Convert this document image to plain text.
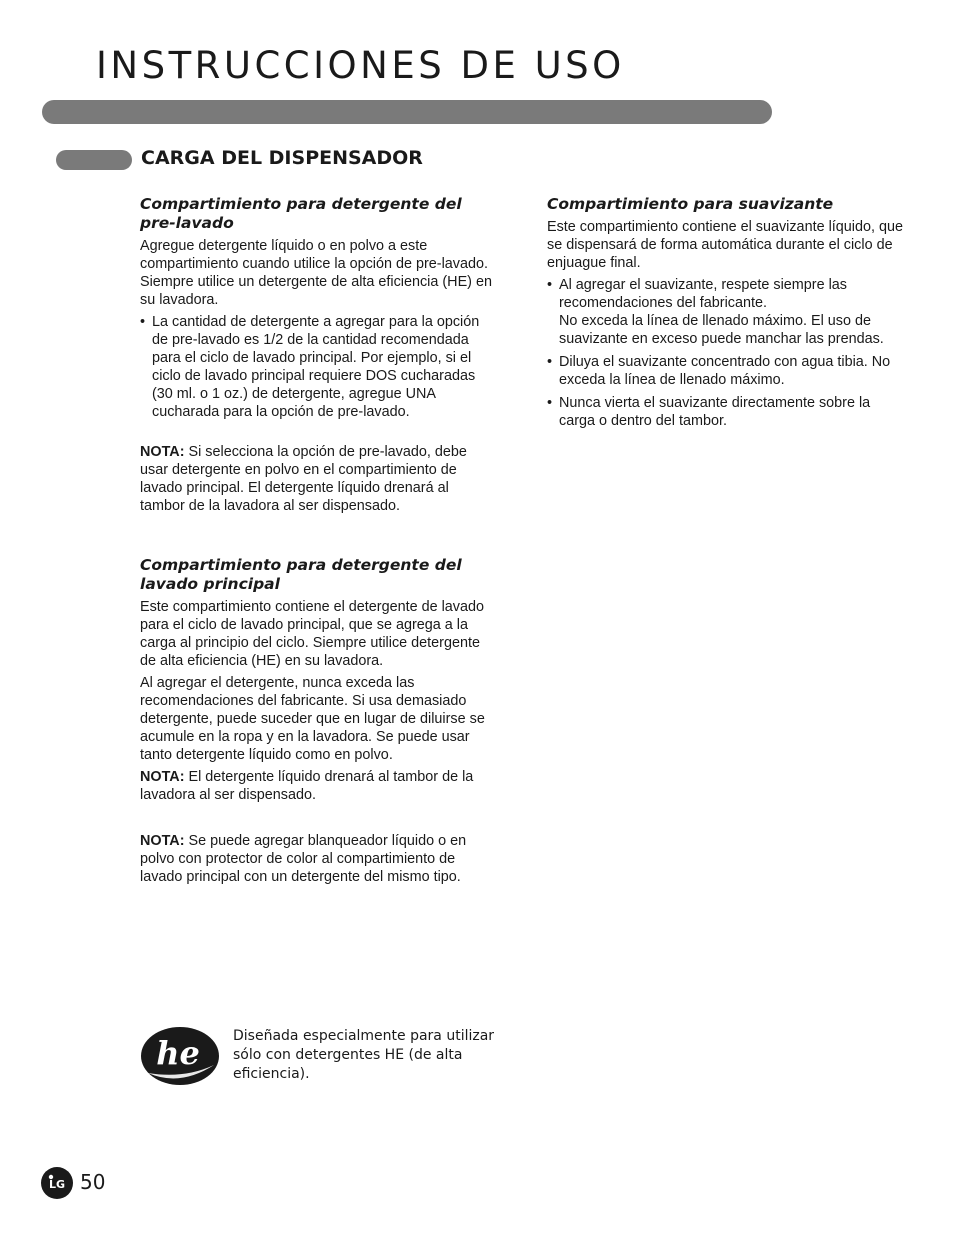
INSTRUCCIONES DE USO
CARGA DEL DISPENSADOR
Compartimiento para detergente del pre-lavado

Agregue detergente líquido o en polvo a este compartimiento cuando utilice la opción de pre-lavado. Siempre utilice un detergente de alta eficiencia (HE) en su lavadora.

• La cantidad de detergente a agregar para la opción de pre-lavado es 1/2 de la cantidad recomendada para el ciclo de lavado principal. Por ejemplo, si el ciclo de lavado principal requiere DOS cucharadas (30 ml. o 1 oz.) de detergente, agregue UNA cucharada para la opción de pre-lavado.

NOTA: Si selecciona la opción de pre-lavado, debe usar detergente en polvo en el compartimiento de lavado principal. El detergente líquido drenará al tambor de la lavadora al ser dispensado.

Compartimiento para detergente del lavado principal

Este compartimiento contiene el detergente de lavado para el ciclo de lavado principal, que se agrega a la carga al principio del ciclo. Siempre utilice detergente de alta eficiencia (HE) en su lavadora.

Al agregar el detergente, nunca exceda las recomendaciones del fabricante. Si usa demasiado detergente, puede suceder que en lugar de diluirse se acumule en la ropa y en la lavadora. Se puede usar tanto detergente líquido como en polvo.

NOTA: El detergente líquido drenará al tambor de la lavadora al ser dispensado.

NOTA: Se puede agregar blanqueador líquido o en polvo con protector de color al compartimiento de lavado principal con un detergente del mismo tipo.

Compartimiento para suavizante

Este compartimiento contiene el suavizante líquido, que se dispensará de forma automática durante el ciclo de enjuague final.

• Al agregar el suavizante, respete siempre las recomendaciones del fabricante.
No exceda la línea de llenado máximo. El uso de suavizante en exceso puede manchar las prendas.
• Diluya el suavizante concentrado con agua tibia. No exceda la línea de llenado máximo.
• Nunca vierta el suavizante directamente sobre la carga o dentro del tambor.
he Diseñada especialmente para utilizar sólo con detergentes HE (de alta eficiencia).

LG 50
